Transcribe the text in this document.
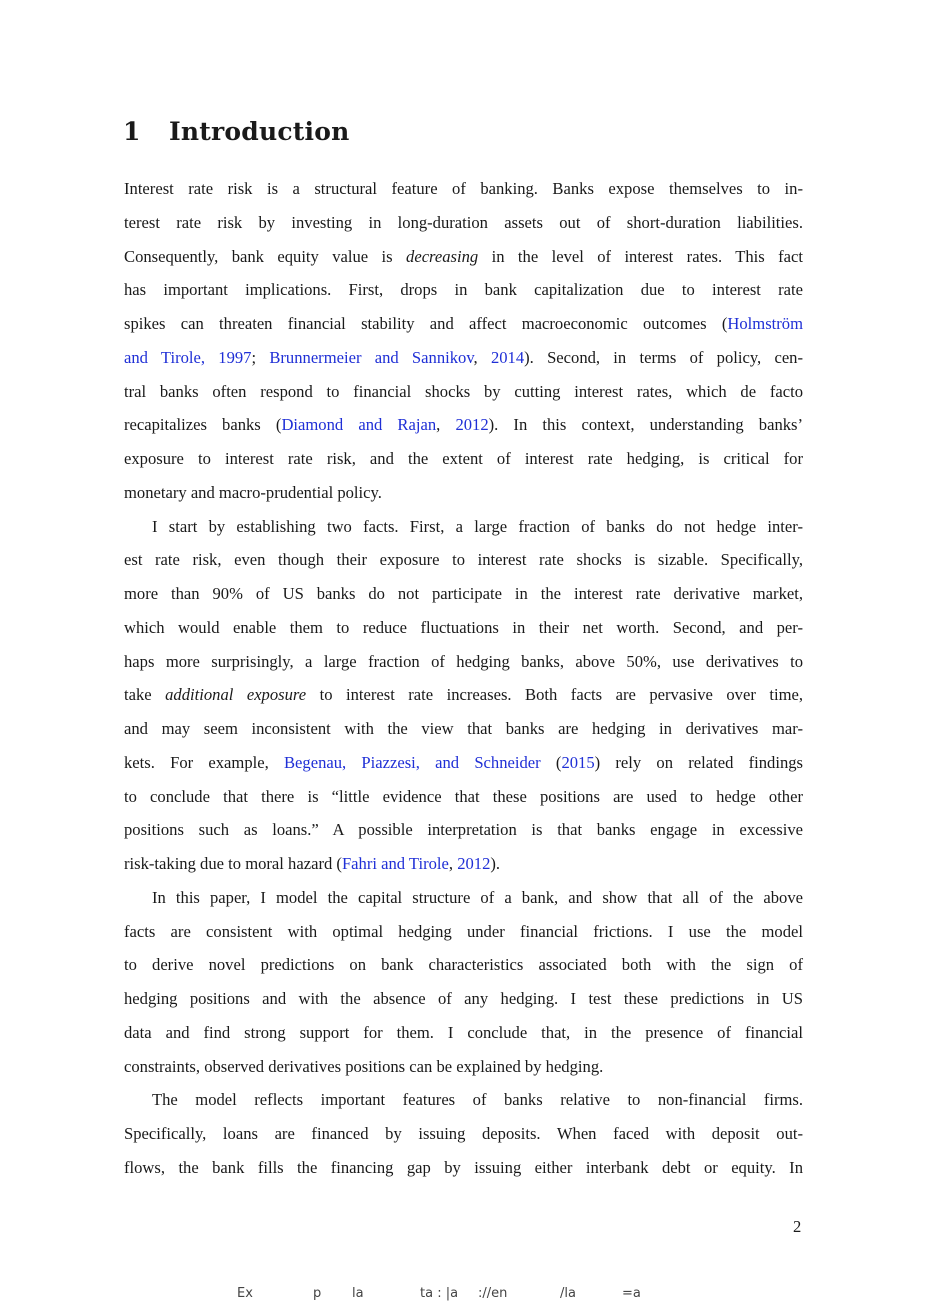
1 Introduction
Interest rate risk is a structural feature of banking. Banks expose themselves to in-
terest rate risk by investing in long-duration assets out of short-duration liabilities.
Consequently, bank equity value is decreasing in the level of interest rates. This fact
has important implications. First, drops in bank capitalization due to interest rate
spikes can threaten financial stability and affect macroeconomic outcomes (Holmström
and Tirole, 1997; Brunnermeier and Sannikov, 2014). Second, in terms of policy, cen-
tral banks often respond to financial shocks by cutting interest rates, which de facto
recapitalizes banks (Diamond and Rajan, 2012). In this context, understanding banks’
exposure to interest rate risk, and the extent of interest rate hedging, is critical for
monetary and macro-prudential policy.
I start by establishing two facts. First, a large fraction of banks do not hedge inter-
est rate risk, even though their exposure to interest rate shocks is sizable. Specifically,
more than 90% of US banks do not participate in the interest rate derivative market,
which would enable them to reduce fluctuations in their net worth. Second, and per-
haps more surprisingly, a large fraction of hedging banks, above 50%, use derivatives to
take additional exposure to interest rate increases. Both facts are pervasive over time,
and may seem inconsistent with the view that banks are hedging in derivatives mar-
kets. For example, Begenau, Piazzesi, and Schneider (2015) rely on related findings
to conclude that there is “little evidence that these positions are used to hedge other
positions such as loans.” A possible interpretation is that banks engage in excessive
risk-taking due to moral hazard (Fahri and Tirole, 2012).
In this paper, I model the capital structure of a bank, and show that all of the above
facts are consistent with optimal hedging under financial frictions. I use the model
to derive novel predictions on bank characteristics associated both with the sign of
hedging positions and with the absence of any hedging. I test these predictions in US
data and find strong support for them. I conclude that, in the presence of financial
constraints, observed derivatives positions can be explained by hedging.
The model reflects important features of banks relative to non-financial firms.
Specifically, loans are financed by issuing deposits. When faced with deposit out-
flows, the bank fills the financing gap by issuing either interbank debt or equity. In
2
Ex	p la	ta : |a ://en	/la	=a
